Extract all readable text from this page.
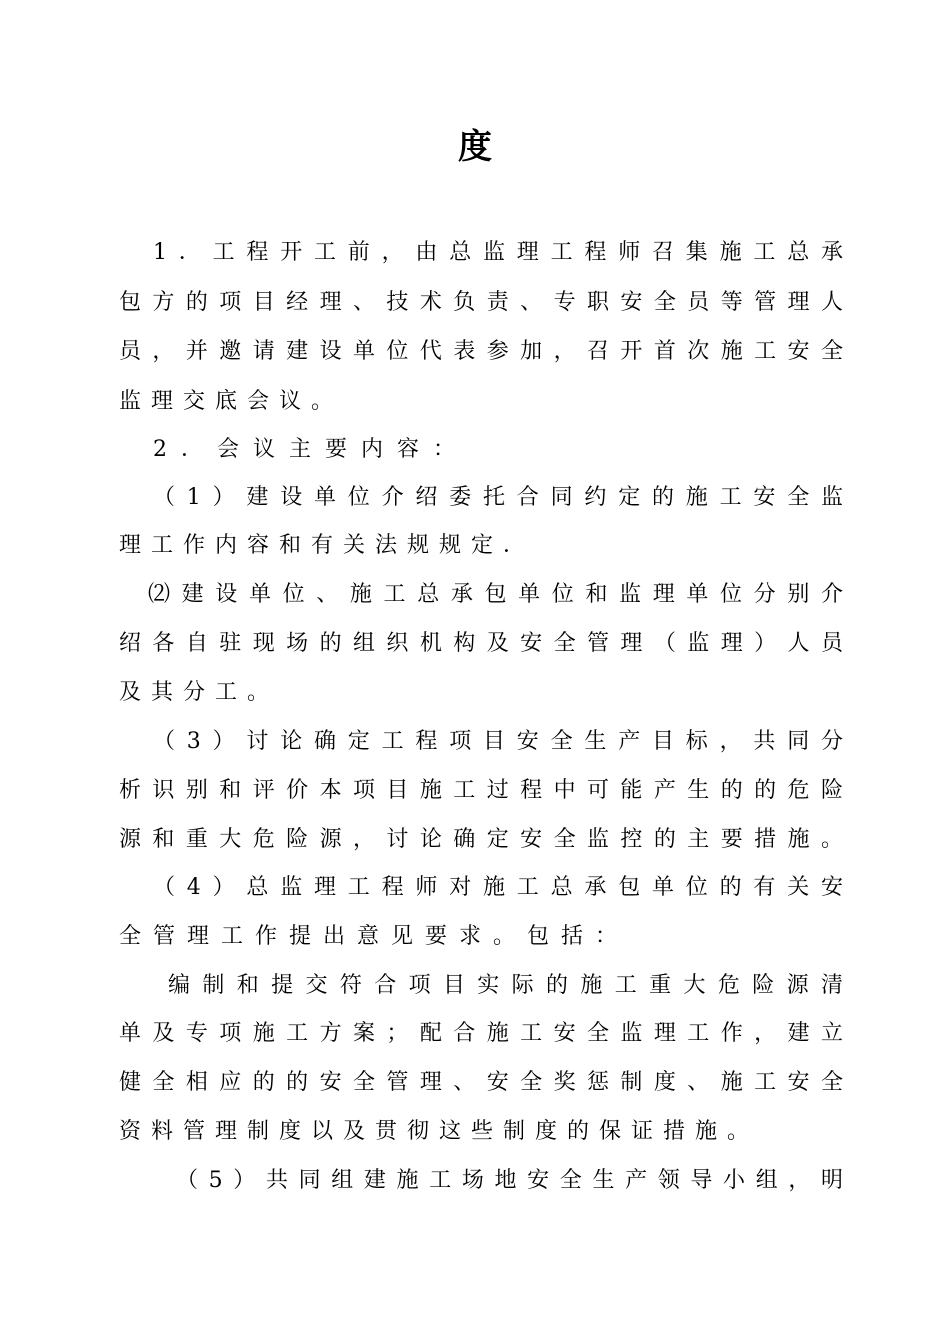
度
1．工程开工前，由总监理工程师召集施工总承
包方的项目经理、技术负责、专职安全员等管理人
员，并邀请建设单位代表参加，召开首次施工安全
监理交底会议。
2．会议主要内容：
（1）建设单位介绍委托合同约定的施工安全监
理工作内容和有关法规规定．
⑵建设单位、施工总承包单位和监理单位分别介
绍各自驻现场的组织机构及安全管理（监理）人员
及其分工。
（3）讨论确定工程项目安全生产目标，共同分
析识别和评价本项目施工过程中可能产生的的危险
源和重大危险源，讨论确定安全监控的主要措施。
（4）总监理工程师对施工总承包单位的有关安
全管理工作提出意见要求。包括：
编制和提交符合项目实际的施工重大危险源清
单及专项施工方案；配合施工安全监理工作，建立
健全相应的的安全管理、安全奖惩制度、施工安全
资料管理制度以及贯彻这些制度的保证措施。
（5）共同组建施工场地安全生产领导小组，明
